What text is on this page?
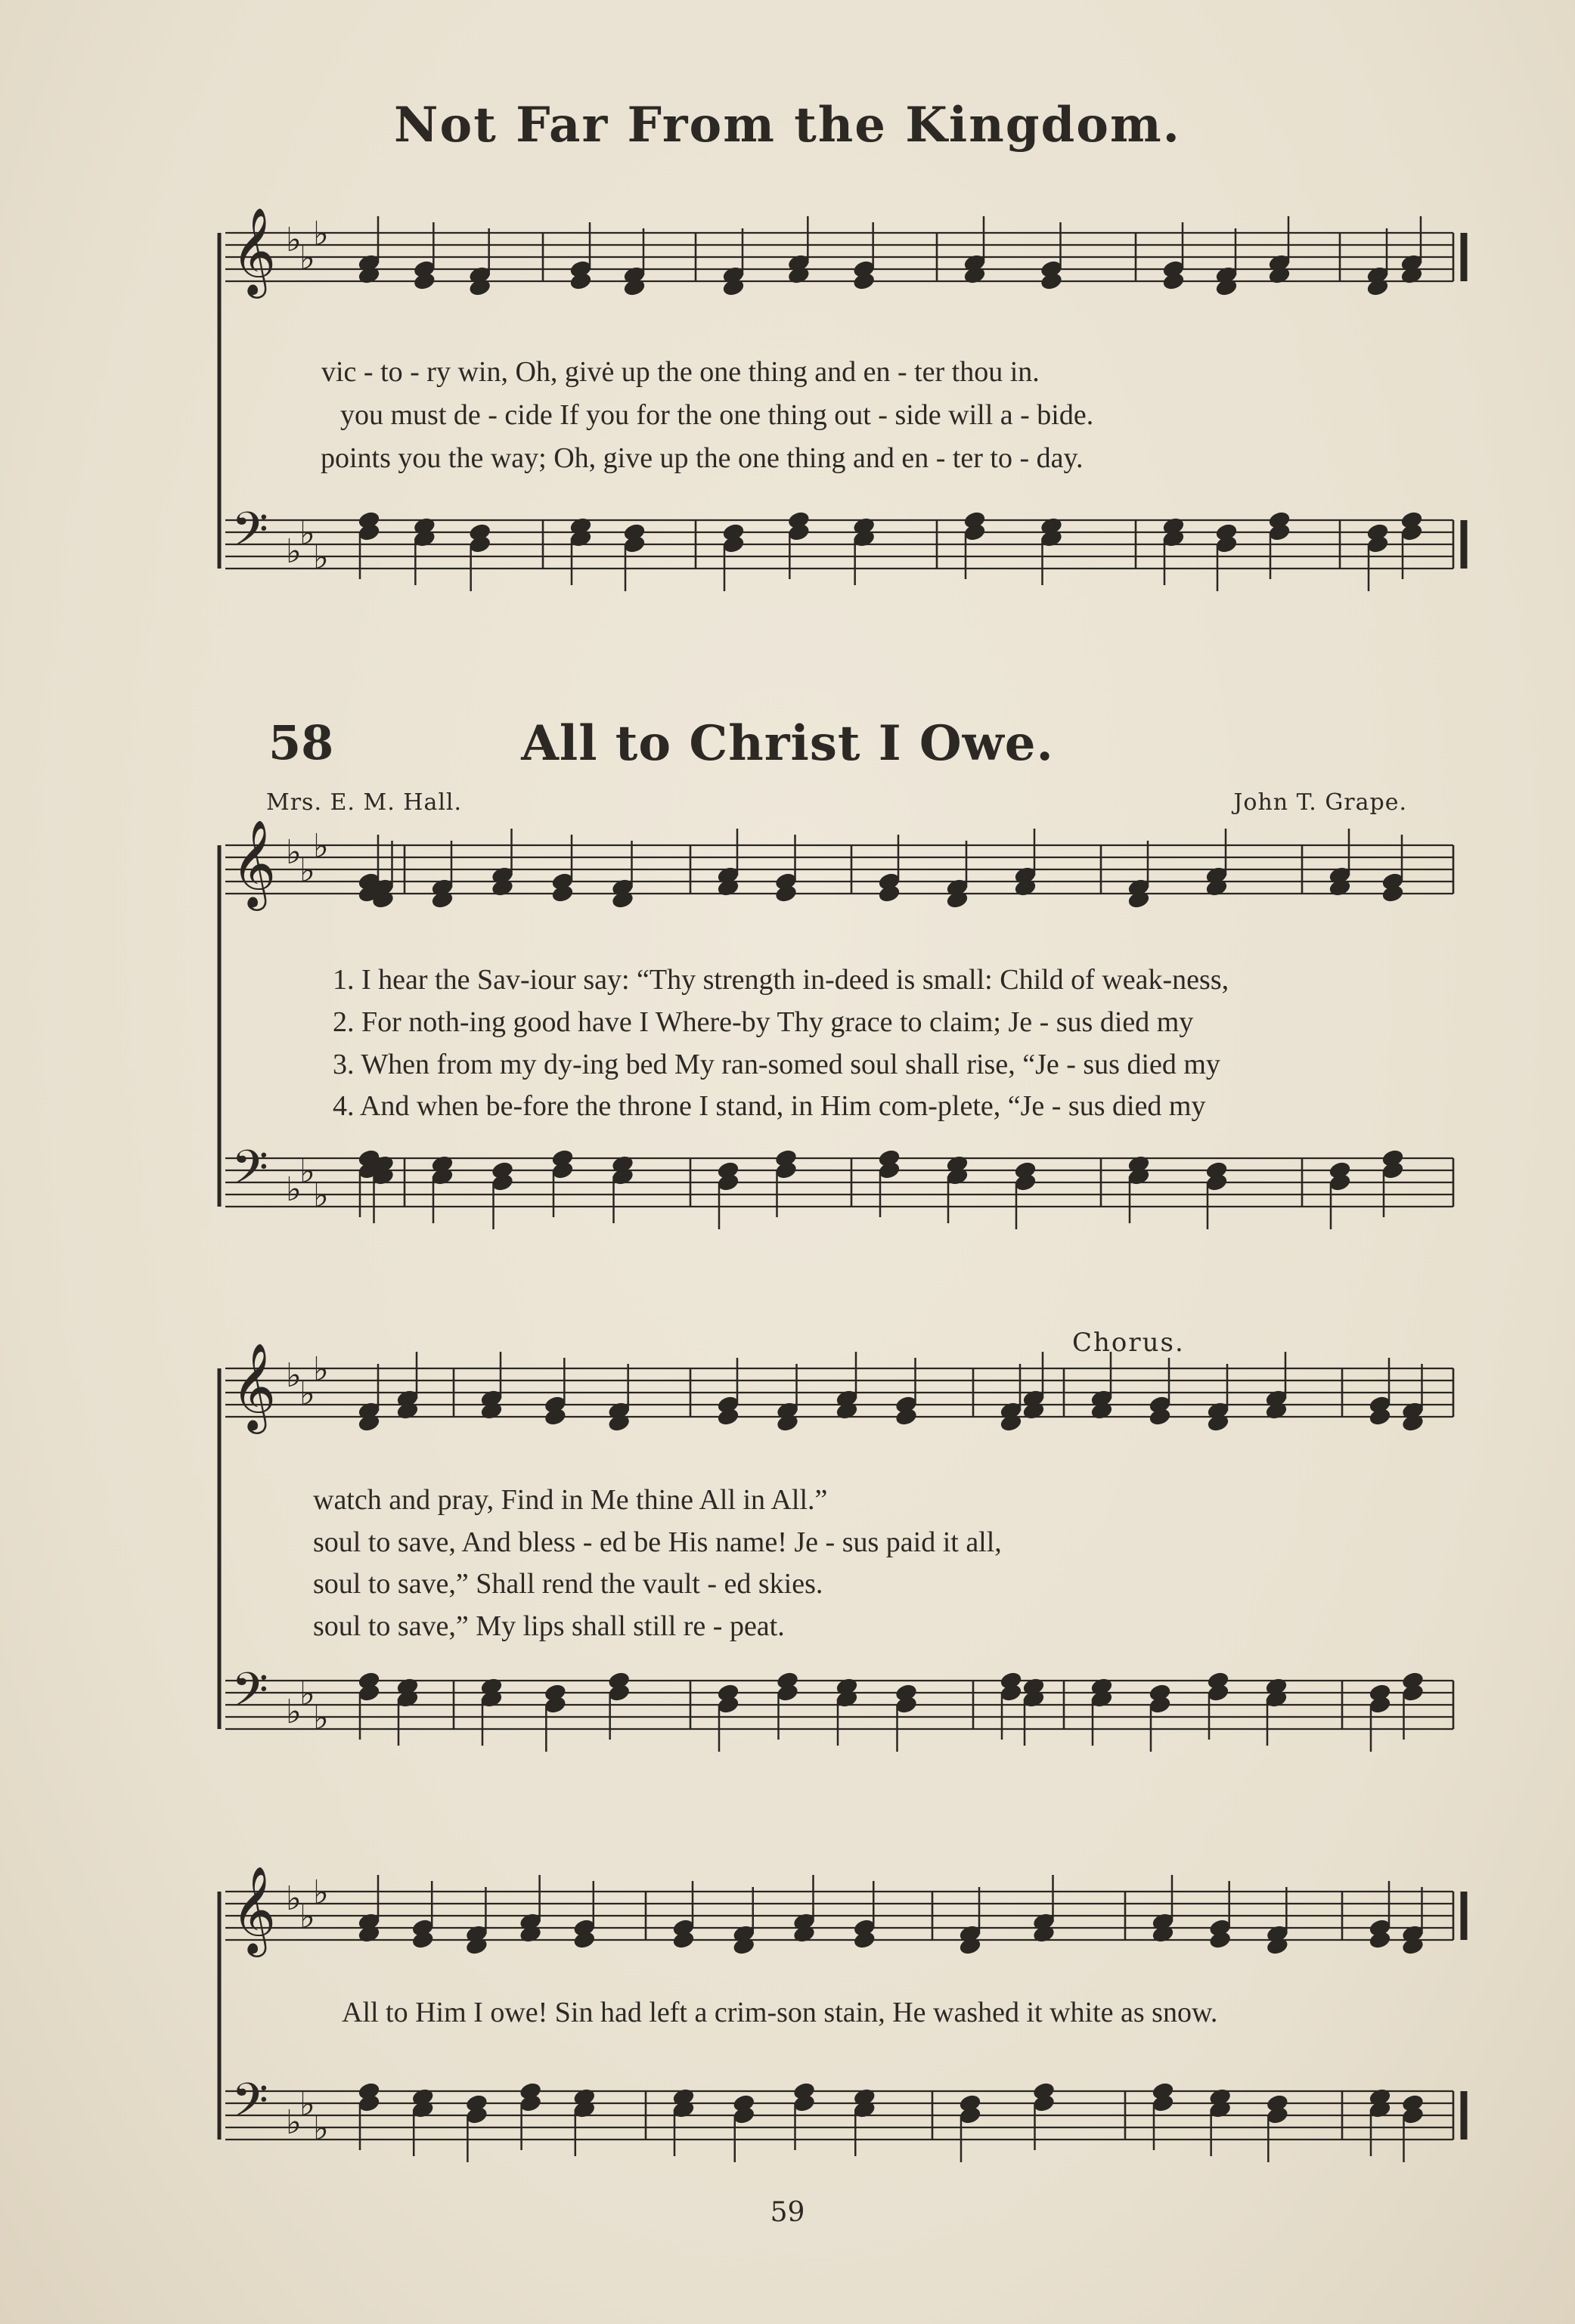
𝄞 ♭
♭
♭
𝄢 ♭
♭
♭
𝄞 ♭
♭
♭
𝄢 ♭
♭
♭
𝄞 ♭
♭
♭
𝄢 ♭
♭
♭
𝄞 ♭
♭
♭
𝄢 ♭
♭
♭
Not Far From the Kingdom.
vic - to - ry win, Oh, givė up the one thing and en - ter thou in.
you must de - cide If you for the one thing out - side will a - bide.
points you the way; Oh, give up the one thing and en - ter to - day.
58	All to Christ I Owe.
Mrs. E. M. Hall.	John T. Grape.
1. I hear the Sav-iour say: “Thy strength in-deed is small: Child of weak-ness,
2. For noth-ing good have I Where-by Thy grace to claim; Je - sus died my
3. When from my dy-ing bed My ran-somed soul shall rise, “Je - sus died my
4. And when be-fore the throne I stand, in Him com-plete, “Je - sus died my
Chorus.
watch and pray, Find in Me thine All in All.”
soul to save, And bless - ed be His name! Je - sus paid it all,
soul to save,” Shall rend the vault - ed skies.
soul to save,” My lips shall still re - peat.
All to Him I owe! Sin had left a crim-son stain, He washed it white as snow.
59
